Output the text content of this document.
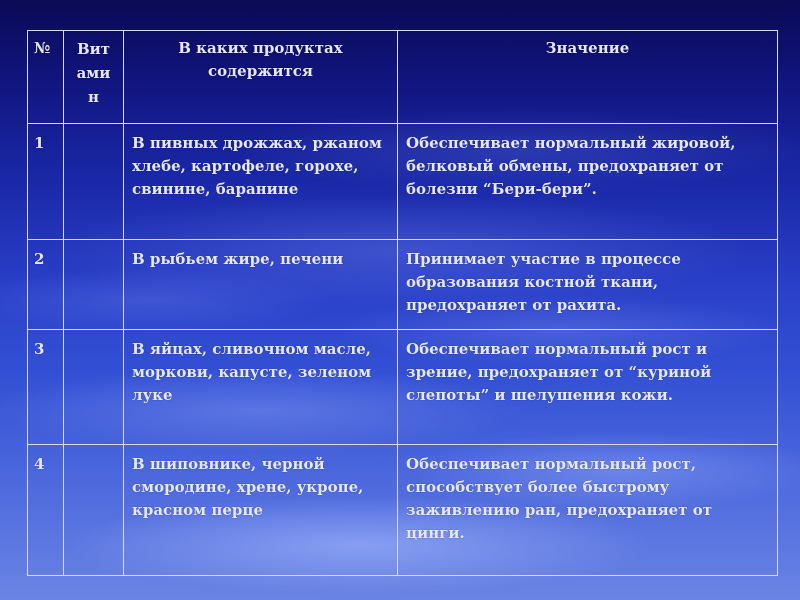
№	Витамин	В каких продуктах содержится	Значение
1		В пивных дрожжах, ржаном хлебе, картофеле, горохе, свинине, баранине	Обеспечивает нормальный жировой, белковый обмены, предохраняет от болезни “Бери-бери”.
2		В рыбьем жире, печени	Принимает участие в процессе образования костной ткани, предохраняет от рахита.
3		В яйцах, сливочном масле, моркови, капусте, зеленом луке	Обеспечивает нормальный рост и зрение, предохраняет от “куриной слепоты” и шелушения кожи.
4		В шиповнике, черной смородине, хрене, укропе, красном перце	Обеспечивает нормальный рост, способствует более быстрому заживлению ран, предохраняет от цинги.
